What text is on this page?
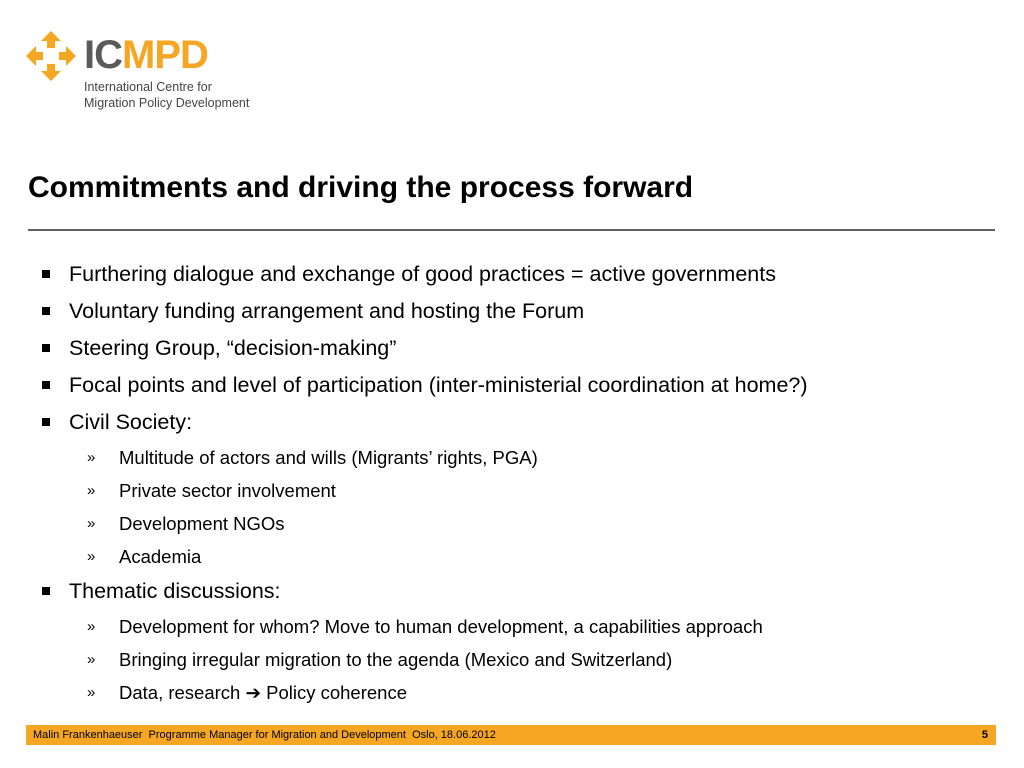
ICMPD
International Centre for
Migration Policy Development
Commitments and driving the process forward
Furthering dialogue and exchange of good practices = active governments
Voluntary funding arrangement and hosting the Forum
Steering Group, “decision-making”
Focal points and level of participation (inter-ministerial coordination at home?)
Civil Society:
» Multitude of actors and wills (Migrants’ rights, PGA)
» Private sector involvement
» Development NGOs
» Academia
Thematic discussions:
» Development for whom? Move to human development, a capabilities approach
» Bringing irregular migration to the agenda (Mexico and Switzerland)
» Data, research ➔ Policy coherence
Malin Frankenhaeuser  Programme Manager for Migration and Development  Oslo, 18.06.2012	5
